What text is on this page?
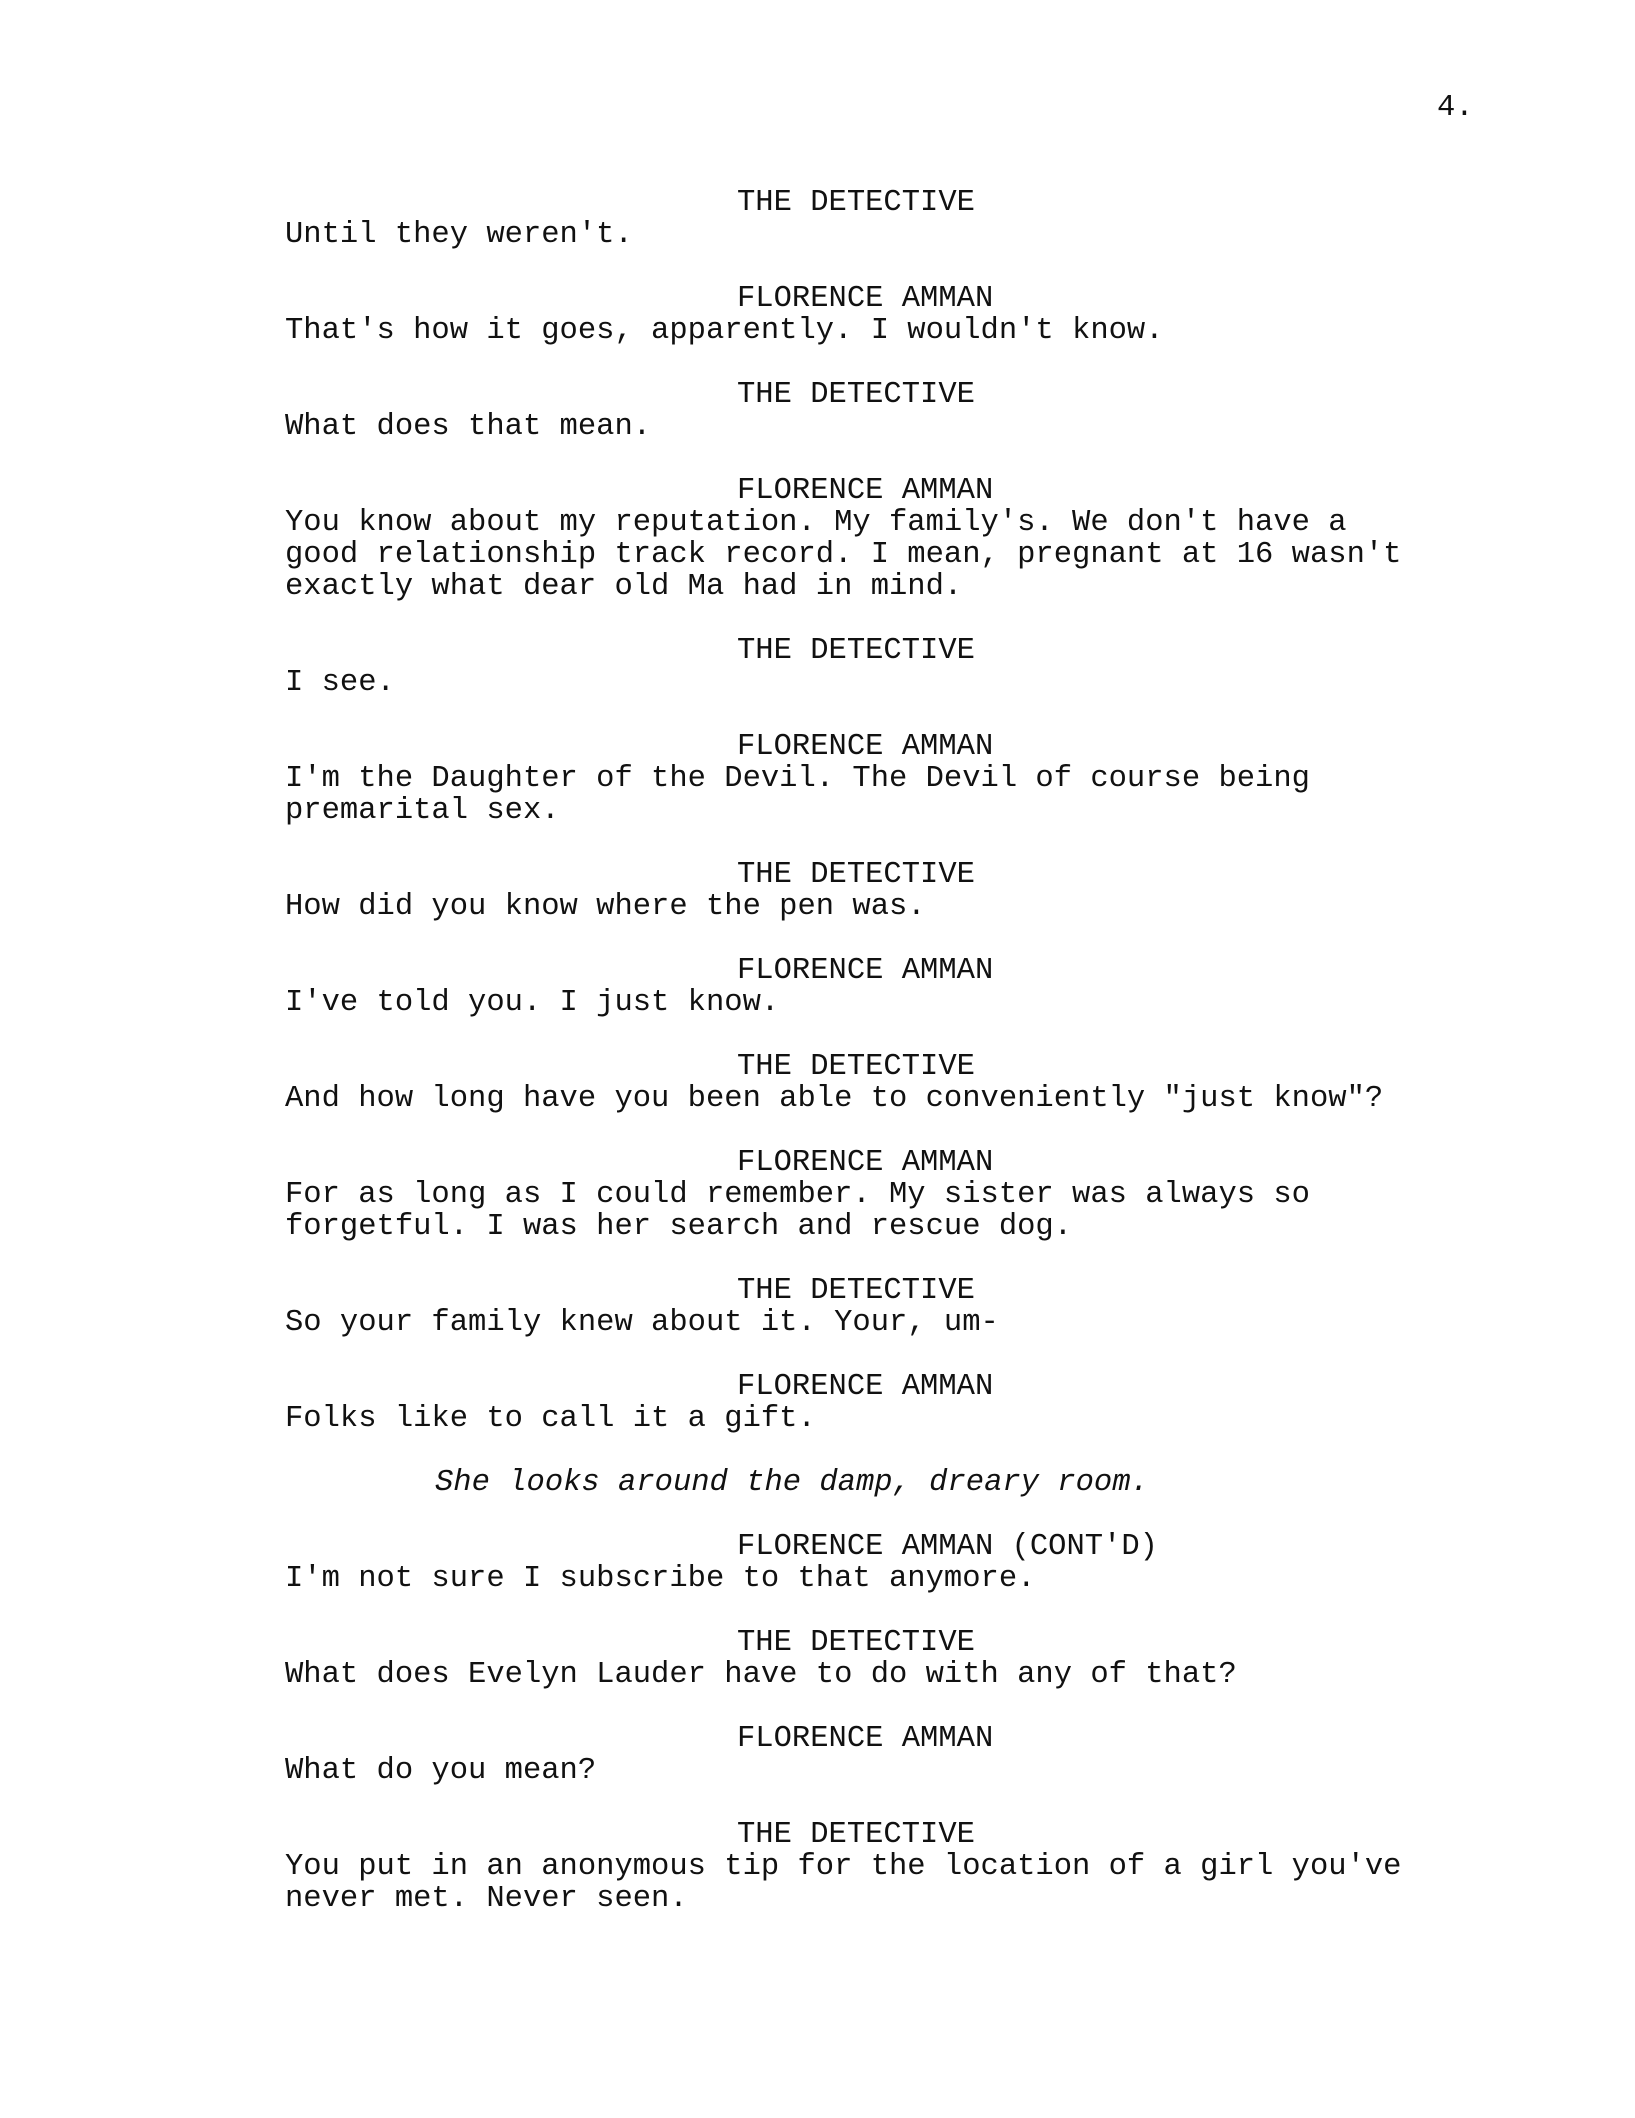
4.
THE DETECTIVE
Until they weren't.
FLORENCE AMMAN
That's how it goes, apparently. I wouldn't know.
THE DETECTIVE
What does that mean.
FLORENCE AMMAN
You know about my reputation. My family's. We don't have a
good relationship track record. I mean, pregnant at 16 wasn't
exactly what dear old Ma had in mind.
THE DETECTIVE
I see.
FLORENCE AMMAN
I'm the Daughter of the Devil. The Devil of course being
premarital sex.
THE DETECTIVE
How did you know where the pen was.
FLORENCE AMMAN
I've told you. I just know.
THE DETECTIVE
And how long have you been able to conveniently "just know"?
FLORENCE AMMAN
For as long as I could remember. My sister was always so
forgetful. I was her search and rescue dog.
THE DETECTIVE
So your family knew about it. Your, um-
FLORENCE AMMAN
Folks like to call it a gift.
She looks around the damp, dreary room.
FLORENCE AMMAN (CONT'D)
I'm not sure I subscribe to that anymore.
THE DETECTIVE
What does Evelyn Lauder have to do with any of that?
FLORENCE AMMAN
What do you mean?
THE DETECTIVE
You put in an anonymous tip for the location of a girl you've
never met. Never seen.
